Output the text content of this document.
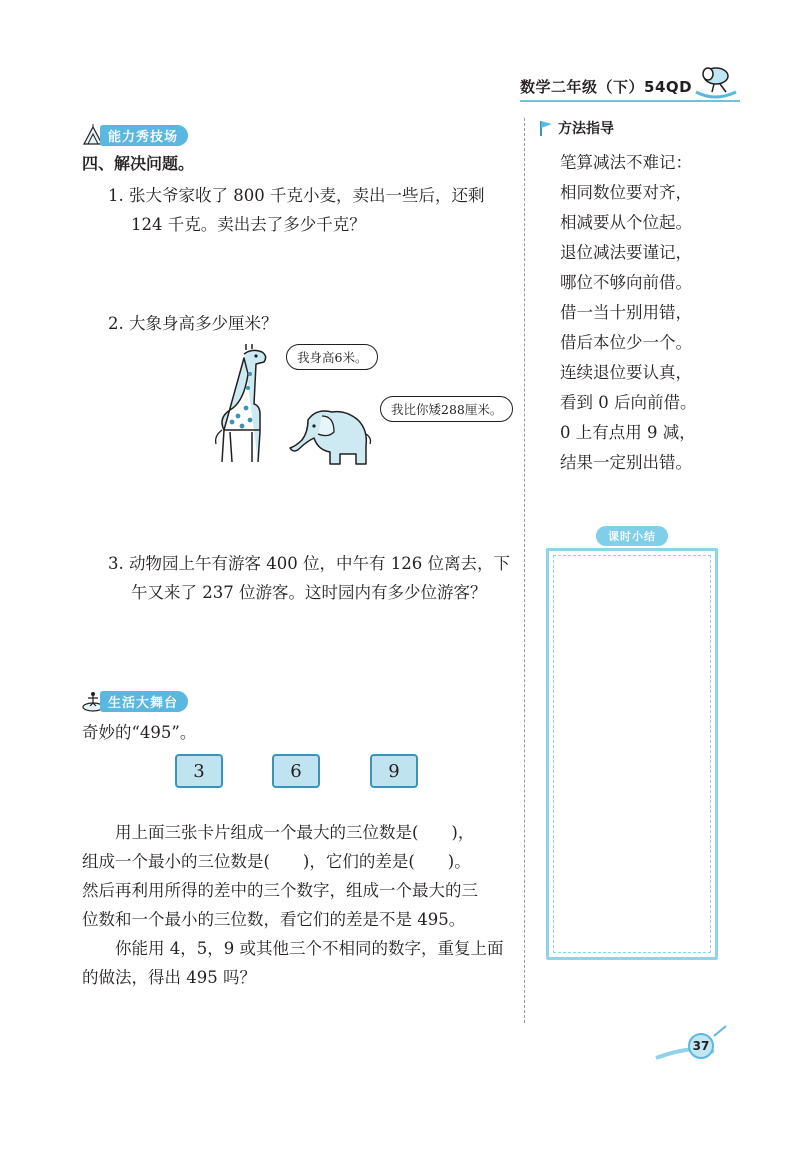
数学二年级（下）54QD
能力秀技场
四、解决问题。
1. 张大爷家收了 800 千克小麦，卖出一些后，还剩
124 千克。卖出去了多少千克？
2. 大象身高多少厘米？
我身高6米。
我比你矮288厘米。
3. 动物园上午有游客 400 位，中午有 126 位离去，下
午又来了 237 位游客。这时园内有多少位游客？
生活大舞台
奇妙的“495”。
3	6	9
用上面三张卡片组成一个最大的三位数是(　　)，
组成一个最小的三位数是(　　)，它们的差是(　　)。
然后再利用所得的差中的三个数字，组成一个最大的三
位数和一个最小的三位数，看它们的差是不是 495。
你能用 4，5，9 或其他三个不相同的数字，重复上面
的做法，得出 495 吗？
方法指导
笔算减法不难记：
相同数位要对齐，
相减要从个位起。
退位减法要谨记，
哪位不够向前借。
借一当十别用错，
借后本位少一个。
连续退位要认真，
看到 0 后向前借。
0 上有点用 9 减，
结果一定别出错。
课时小结
37
